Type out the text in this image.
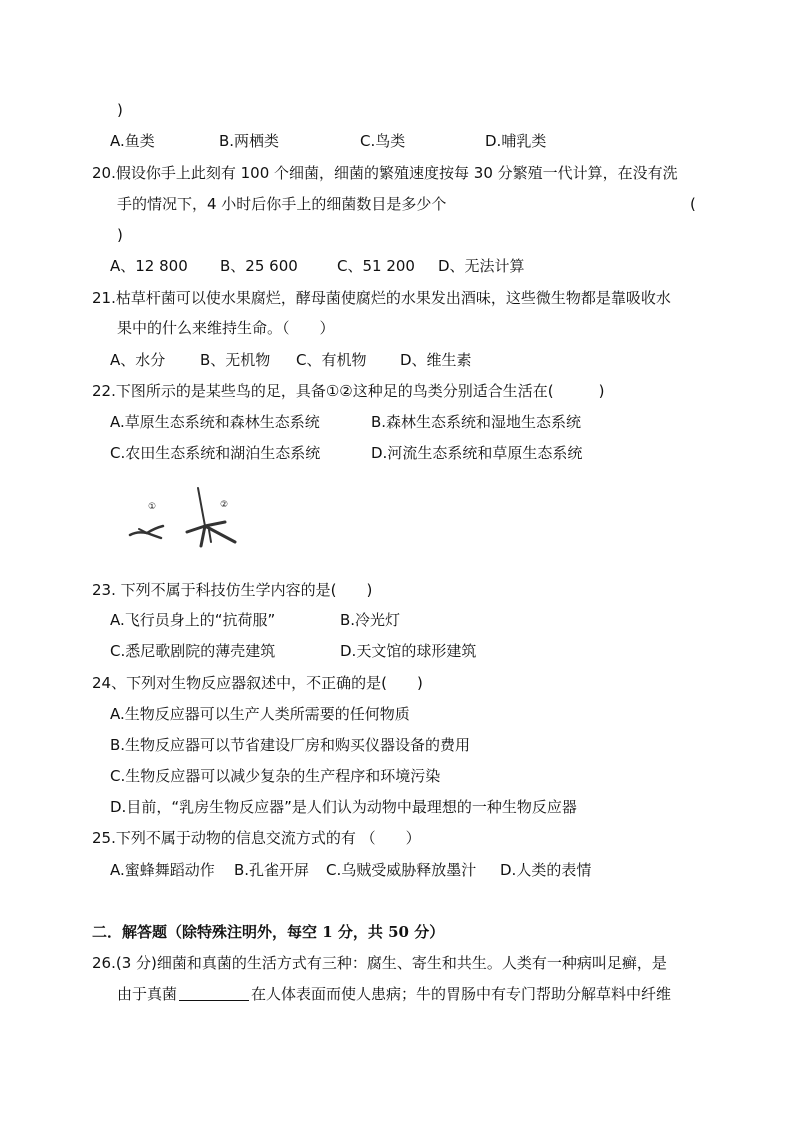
)
A.鱼类	B.两栖类	C.鸟类	D.哺乳类
20.假设你手上此刻有 100 个细菌，细菌的繁殖速度按每 30 分繁殖一代计算，在没有洗
手的情况下，4 小时后你手上的细菌数目是多少个	(
)
A、12 800 B、25 600	C、51 200 D、无法计算
21.枯草杆菌可以使水果腐烂，酵母菌使腐烂的水果发出酒味，这些微生物都是靠吸收水
果中的什么来维持生命。（　　）
A、水分 B、无机物 C、有机物 D、维生素
22.下图所示的是某些鸟的足，具备①②这种足的鸟类分别适合生活在(　　　)
A.草原生态系统和森林生态系统	B.森林生态系统和湿地生态系统
C.农田生态系统和湖泊生态系统	D.河流生态系统和草原生态系统
①	②
23. 下列不属于科技仿生学内容的是(　　)
A.飞行员身上的“抗荷服”	B.冷光灯
C.悉尼歌剧院的薄壳建筑	D.天文馆的球形建筑
24、下列对生物反应器叙述中，不正确的是(　　)
A.生物反应器可以生产人类所需要的任何物质
B.生物反应器可以节省建设厂房和购买仪器设备的费用
C.生物反应器可以减少复杂的生产程序和环境污染
D.目前，“乳房生物反应器”是人们认为动物中最理想的一种生物反应器
25.下列不属于动物的信息交流方式的有 （　　）
A.蜜蜂舞蹈动作 B.孔雀开屏 C.乌贼受威胁释放墨汁 D.人类的表情
二．解答题（除特殊注明外，每空 1 分，共 50 分）
26.(3 分)细菌和真菌的生活方式有三种：腐生、寄生和共生。人类有一种病叫足癣，是
由于真菌	在人体表面而使人患病；牛的胃肠中有专门帮助分解草料中纤维
